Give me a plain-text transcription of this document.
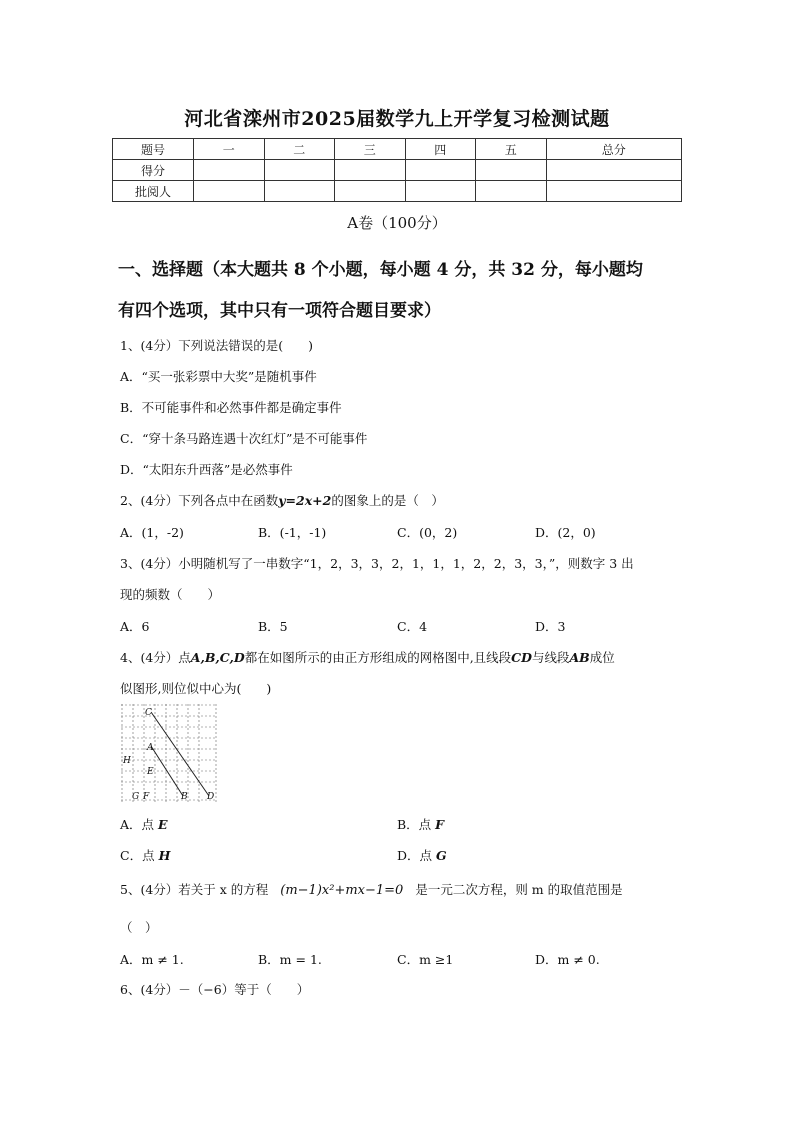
河北省滦州市2025届数学九上开学复习检测试题
题号	一	二	三	四	五	总分
得分						
批阅人						
A卷（100分）
一、选择题（本大题共 8 个小题，每小题 4 分，共 32 分，每小题均
有四个选项，其中只有一项符合题目要求）
1、(4分）下列说法错误的是(　　)
A．“买一张彩票中大奖”是随机事件
B．不可能事件和必然事件都是确定事件
C．“穿十条马路连遇十次红灯”是不可能事件
D．“太阳东升西落”是必然事件
2、(4分）下列各点中在函数y=2x+2的图象上的是（　）
A．(1，-2)	B．(-1，-1)	C．(0，2)	D．(2，0)
3、(4分）小明随机写了一串数字“1，2，3，3，2，1，1，1，2，2，3，3，”，则数字 3 出
现的频数（　　）
A．6	B．5	C．4	D．3
4、(4分）点A,B,C,D都在如图所示的由正方形组成的网格图中,且线段CD与线段AB成位
似图形,则位似中心为(　　)
C
A
H
E
G F	B D
A．点 E	B．点 F
C．点 H	D．点 G
5、(4分）若关于 x 的方程 (m−1)x²+mx−1=0 是一元二次方程，则 m 的取值范围是
（　）
A．m ≠ 1.	B．m = 1.	C．m ≥1	D．m ≠ 0.
6、(4分）－（−6）等于（　　）
